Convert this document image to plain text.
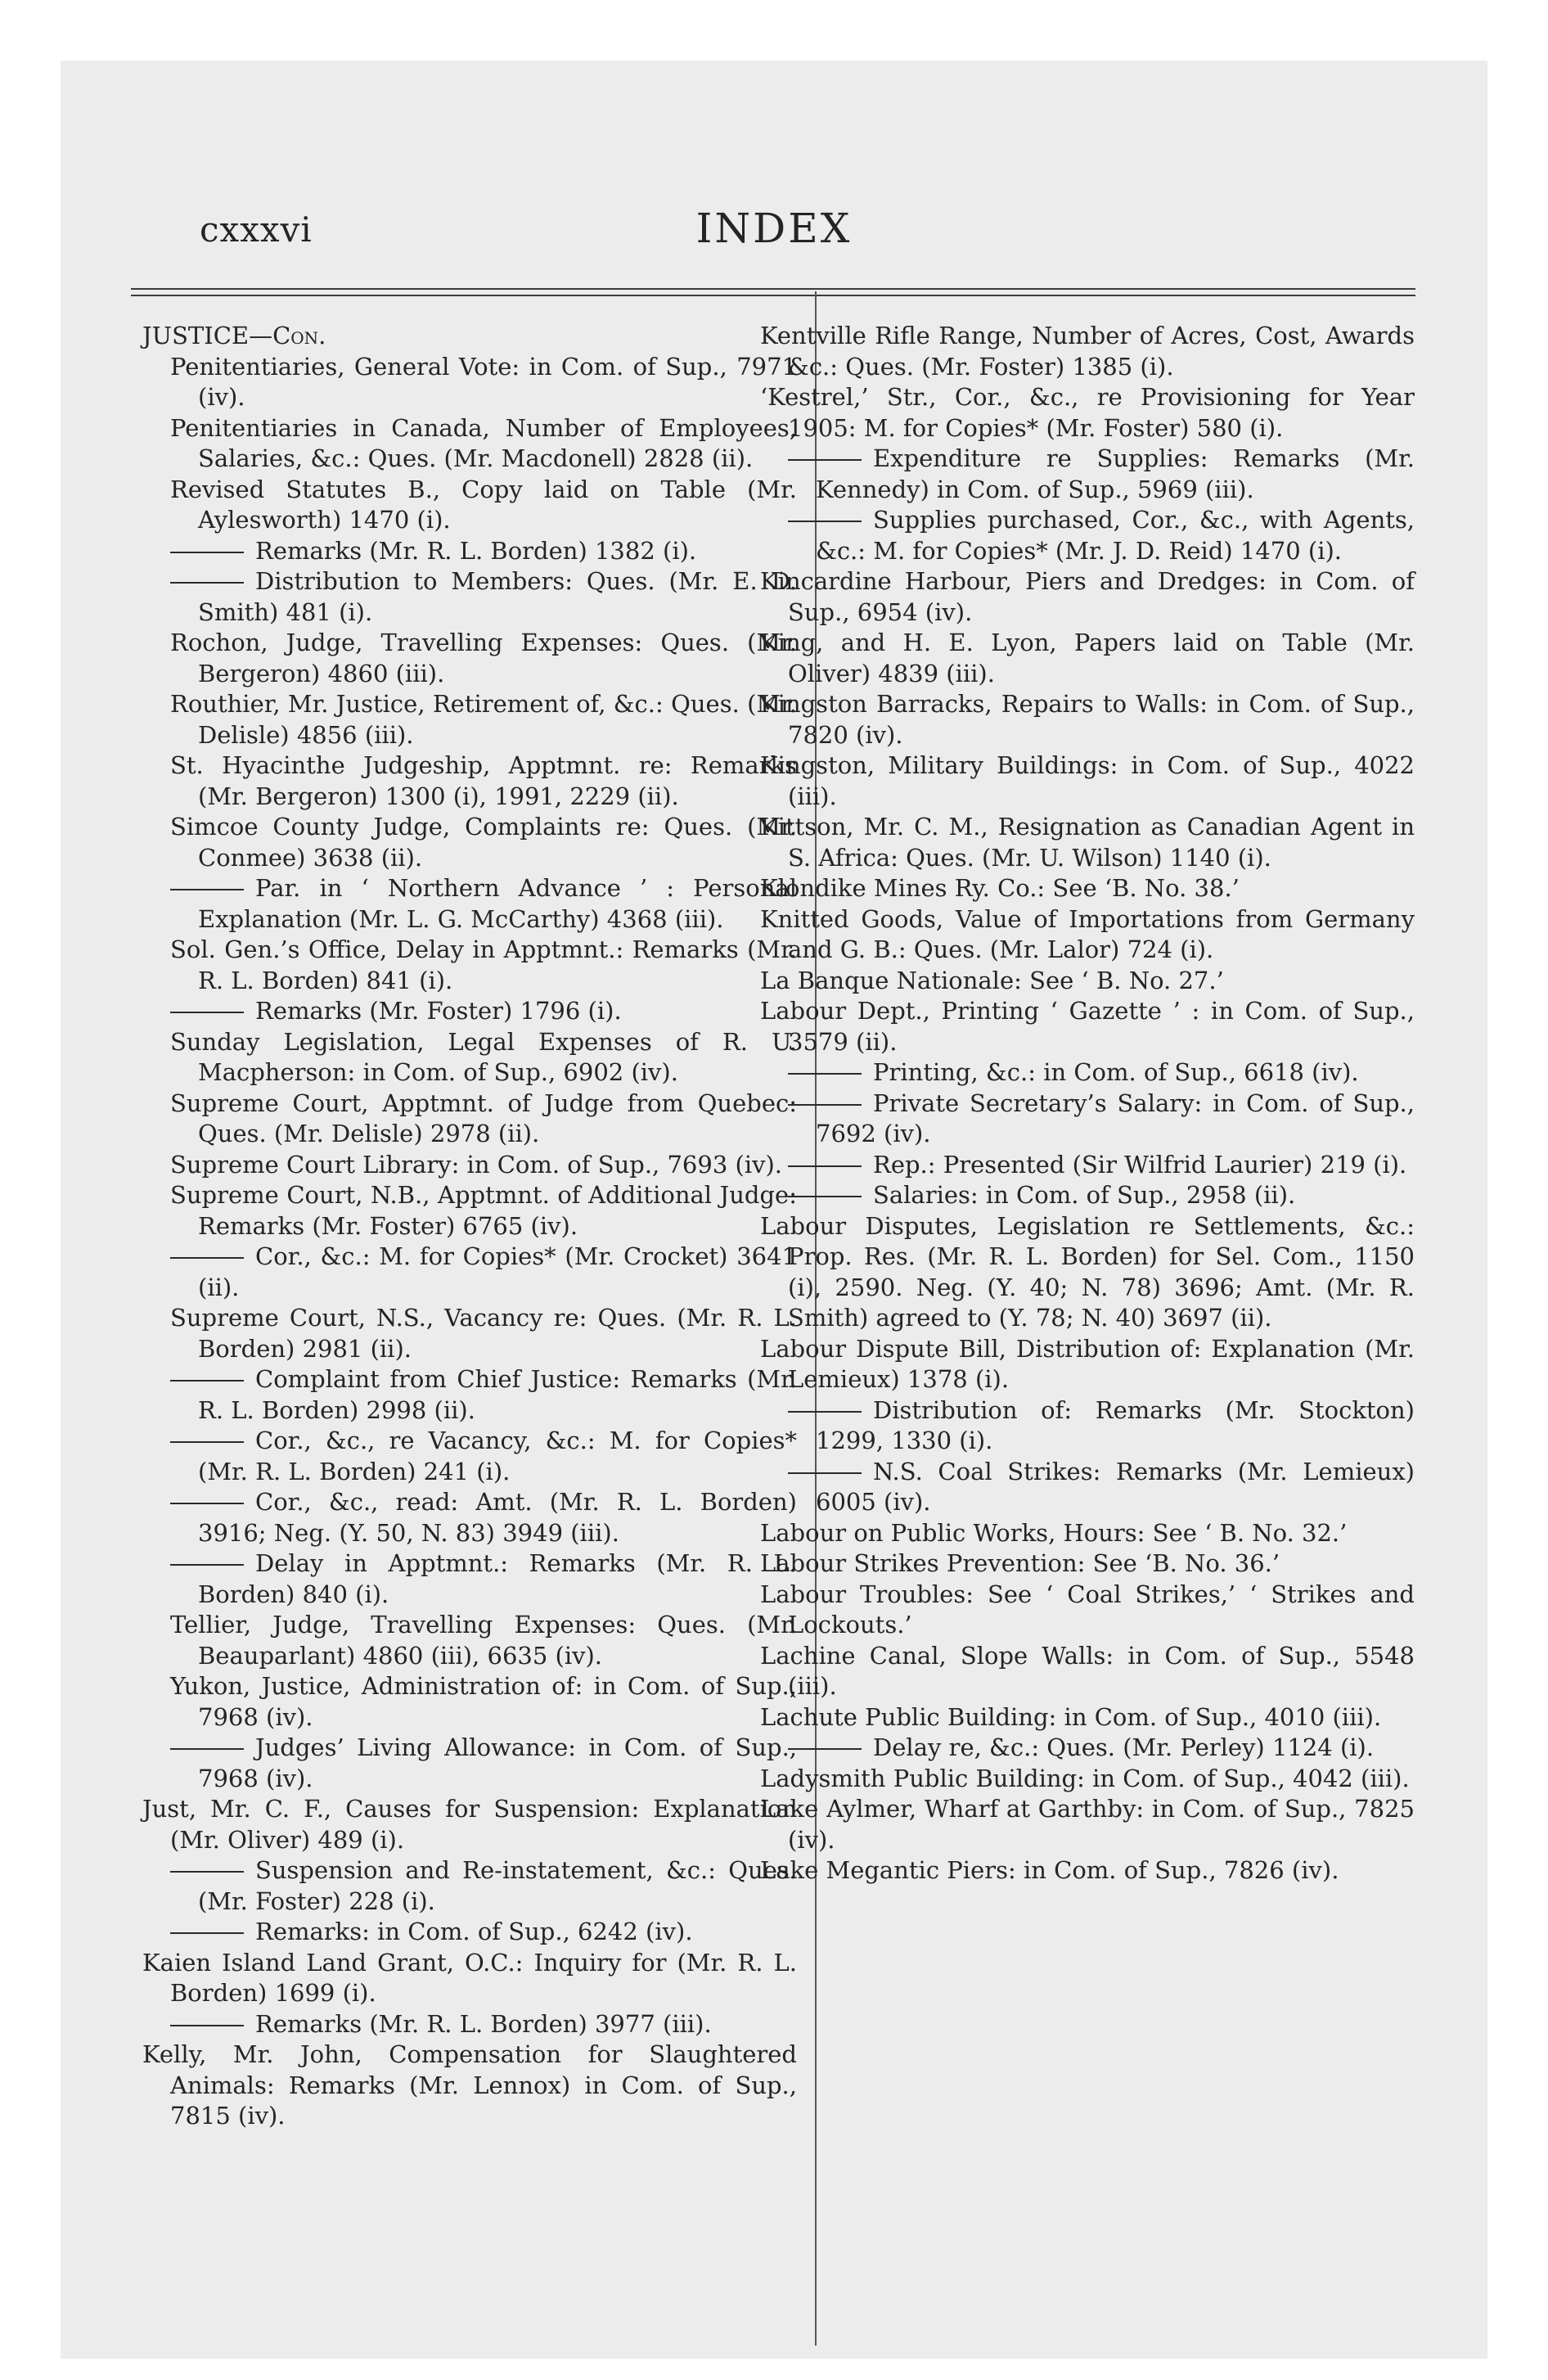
cxxxvi	INDEX

JUSTICE—Con.

Penitentiaries, General Vote: in Com. of Sup., 7971 (iv).

Penitentiaries in Canada, Number of Employees, Salaries, &c.: Ques. (Mr. Macdonell) 2828 (ii).

Revised Statutes B., Copy laid on Table (Mr. Aylesworth) 1470 (i).

Remarks (Mr. R. L. Borden) 1382 (i).

Distribution to Members: Ques. (Mr. E. D. Smith) 481 (i).

Rochon, Judge, Travelling Expenses: Ques. (Mr. Bergeron) 4860 (iii).

Routhier, Mr. Justice, Retirement of, &c.: Ques. (Mr. Delisle) 4856 (iii).

St. Hyacinthe Judgeship, Apptmnt. re: Remarks (Mr. Bergeron) 1300 (i), 1991, 2229 (ii).

Simcoe County Judge, Complaints re: Ques. (Mr. Conmee) 3638 (ii).

Par. in ‘ Northern Advance ’ : Personal Explanation (Mr. L. G. McCarthy) 4368 (iii).

Sol. Gen.’s Office, Delay in Apptmnt.: Remarks (Mr. R. L. Borden) 841 (i).

Remarks (Mr. Foster) 1796 (i).

Sunday Legislation, Legal Expenses of R. U. Macpherson: in Com. of Sup., 6902 (iv).

Supreme Court, Apptmnt. of Judge from Quebec: Ques. (Mr. Delisle) 2978 (ii).

Supreme Court Library: in Com. of Sup., 7693 (iv).

Supreme Court, N.B., Apptmnt. of Additional Judge: Remarks (Mr. Foster) 6765 (iv).

Cor., &c.: M. for Copies* (Mr. Crocket) 3641 (ii).

Supreme Court, N.S., Vacancy re: Ques. (Mr. R. L. Borden) 2981 (ii).

Complaint from Chief Justice: Remarks (Mr. R. L. Borden) 2998 (ii).

Cor., &c., re Vacancy, &c.: M. for Copies* (Mr. R. L. Borden) 241 (i).

Cor., &c., read: Amt. (Mr. R. L. Borden) 3916; Neg. (Y. 50, N. 83) 3949 (iii).

Delay in Apptmnt.: Remarks (Mr. R. L. Borden) 840 (i).

Tellier, Judge, Travelling Expenses: Ques. (Mr. Beauparlant) 4860 (iii), 6635 (iv).

Yukon, Justice, Administration of: in Com. of Sup., 7968 (iv).

Judges’ Living Allowance: in Com. of Sup., 7968 (iv).

Just, Mr. C. F., Causes for Suspension: Explanation (Mr. Oliver) 489 (i).

Suspension and Re-instatement, &c.: Ques. (Mr. Foster) 228 (i).

Remarks: in Com. of Sup., 6242 (iv).

Kaien Island Land Grant, O.C.: Inquiry for (Mr. R. L. Borden) 1699 (i).

Remarks (Mr. R. L. Borden) 3977 (iii).

Kelly, Mr. John, Compensation for Slaughtered Animals: Remarks (Mr. Lennox) in Com. of Sup., 7815 (iv).

Kentville Rifle Range, Number of Acres, Cost, Awards &c.: Ques. (Mr. Foster) 1385 (i).

‘Kestrel,’ Str., Cor., &c., re Provisioning for Year 1905: M. for Copies* (Mr. Foster) 580 (i).

Expenditure re Supplies: Remarks (Mr. Kennedy) in Com. of Sup., 5969 (iii).

Supplies purchased, Cor., &c., with Agents, &c.: M. for Copies* (Mr. J. D. Reid) 1470 (i).

Kincardine Harbour, Piers and Dredges: in Com. of Sup., 6954 (iv).

King, and H. E. Lyon, Papers laid on Table (Mr. Oliver) 4839 (iii).

Kingston Barracks, Repairs to Walls: in Com. of Sup., 7820 (iv).

Kingston, Military Buildings: in Com. of Sup., 4022 (iii).

Kittson, Mr. C. M., Resignation as Canadian Agent in S. Africa: Ques. (Mr. U. Wilson) 1140 (i).

Klondike Mines Ry. Co.: See ‘B. No. 38.’

Knitted Goods, Value of Importations from Germany and G. B.: Ques. (Mr. Lalor) 724 (i).

La Banque Nationale: See ‘ B. No. 27.’

Labour Dept., Printing ‘ Gazette ’ : in Com. of Sup., 3579 (ii).

Printing, &c.: in Com. of Sup., 6618 (iv).

Private Secretary’s Salary: in Com. of Sup., 7692 (iv).

Rep.: Presented (Sir Wilfrid Laurier) 219 (i).

Salaries: in Com. of Sup., 2958 (ii).

Labour Disputes, Legislation re Settlements, &c.: Prop. Res. (Mr. R. L. Borden) for Sel. Com., 1150 (i), 2590. Neg. (Y. 40; N. 78) 3696; Amt. (Mr. R. Smith) agreed to (Y. 78; N. 40) 3697 (ii).

Labour Dispute Bill, Distribution of: Explanation (Mr. Lemieux) 1378 (i).

Distribution of: Remarks (Mr. Stockton) 1299, 1330 (i).

N.S. Coal Strikes: Remarks (Mr. Lemieux) 6005 (iv).

Labour on Public Works, Hours: See ‘ B. No. 32.’

Labour Strikes Prevention: See ‘B. No. 36.’

Labour Troubles: See ‘ Coal Strikes,’ ‘ Strikes and Lockouts.’

Lachine Canal, Slope Walls: in Com. of Sup., 5548 (iii).

Lachute Public Building: in Com. of Sup., 4010 (iii).

Delay re, &c.: Ques. (Mr. Perley) 1124 (i).

Ladysmith Public Building: in Com. of Sup., 4042 (iii).

Lake Aylmer, Wharf at Garthby: in Com. of Sup., 7825 (iv).

Lake Megantic Piers: in Com. of Sup., 7826 (iv).
